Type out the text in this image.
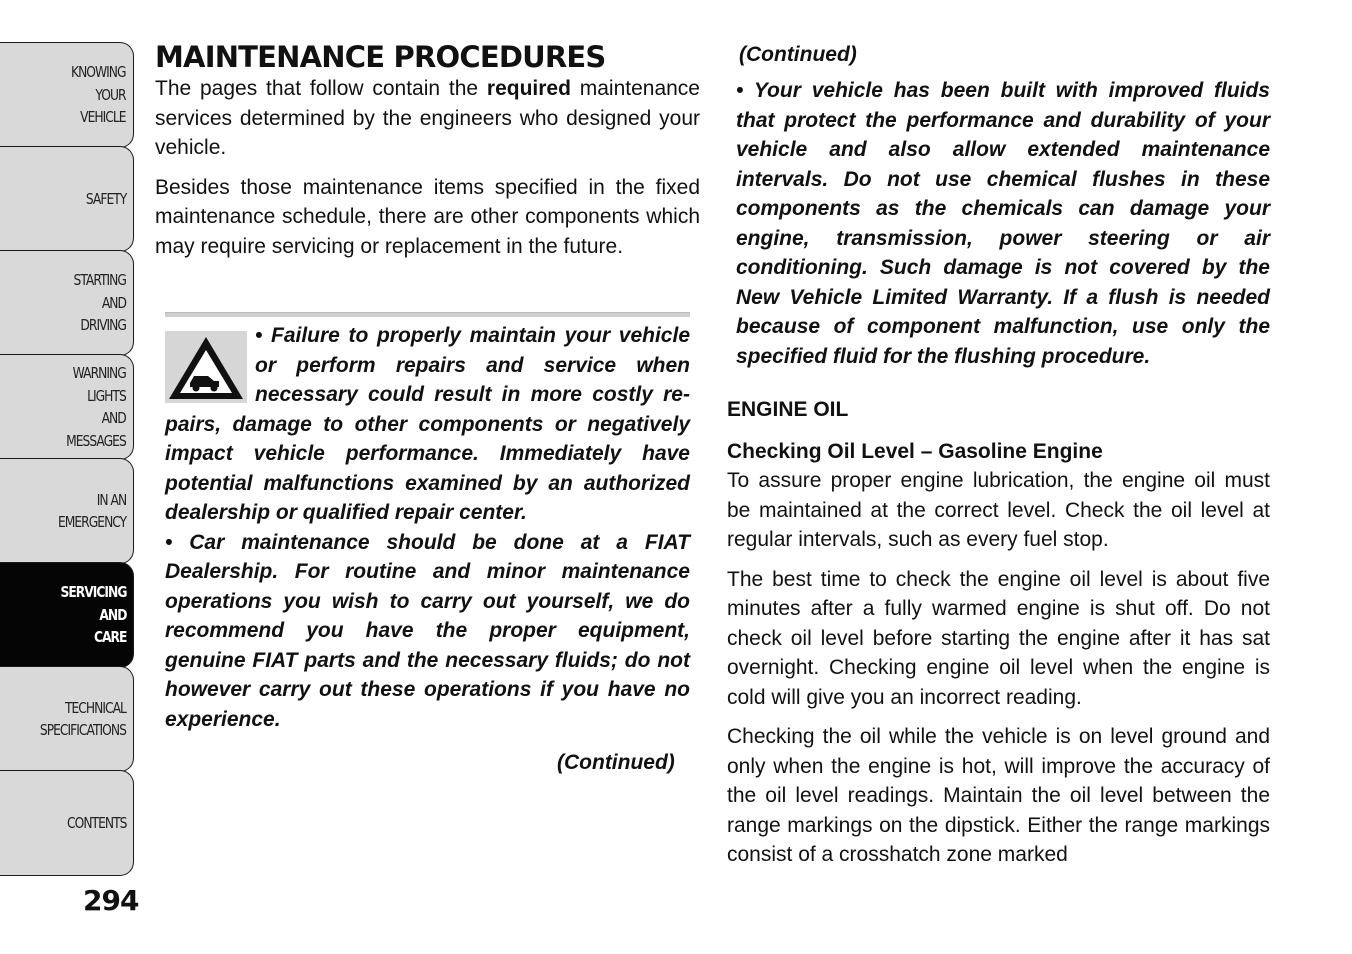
KNOWING
YOUR
VEHICLE
SAFETY
STARTING
AND
DRIVING
WARNING
LIGHTS
AND
MESSAGES
IN AN
EMERGENCY
SERVICING
AND
CARE
TECHNICAL
SPECIFICATIONS
CONTENTS
294
MAINTENANCE PROCEDURES

The pages that follow contain the required maintenance services determined by the engineers who designed your vehicle.

Besides those maintenance items specified in the fixed maintenance schedule, there are other components which may require servicing or replacement in the future.

• Failure to properly maintain your vehicle or perform repairs and service when necessary could result in more costly repairs, damage to other components or negatively impact vehicle performance. Immediately have potential malfunctions examined by an authorized dealership or qualified repair center.

• Car maintenance should be done at a FIAT Dealership. For routine and minor maintenance operations you wish to carry out yourself, we do recommend you have the proper equipment, genuine FIAT parts and the necessary fluids; do not however carry out these operations if you have no experience.

(Continued)
(Continued)

• Your vehicle has been built with improved fluids that protect the performance and durability of your vehicle and also allow extended maintenance intervals. Do not use chemical flushes in these components as the chemicals can damage your engine, transmission, power steering or air conditioning. Such damage is not covered by the New Vehicle Limited Warranty. If a flush is needed because of component malfunction, use only the specified fluid for the flushing procedure.

ENGINE OIL
Checking Oil Level – Gasoline Engine

To assure proper engine lubrication, the engine oil must be maintained at the correct level. Check the oil level at regular intervals, such as every fuel stop.

The best time to check the engine oil level is about five minutes after a fully warmed engine is shut off. Do not check oil level before starting the engine after it has sat overnight. Checking engine oil level when the engine is cold will give you an incorrect reading.

Checking the oil while the vehicle is on level ground and only when the engine is hot, will improve the accuracy of the oil level readings. Maintain the oil level between the range markings on the dipstick. Either the range markings consist of a crosshatch zone marked
